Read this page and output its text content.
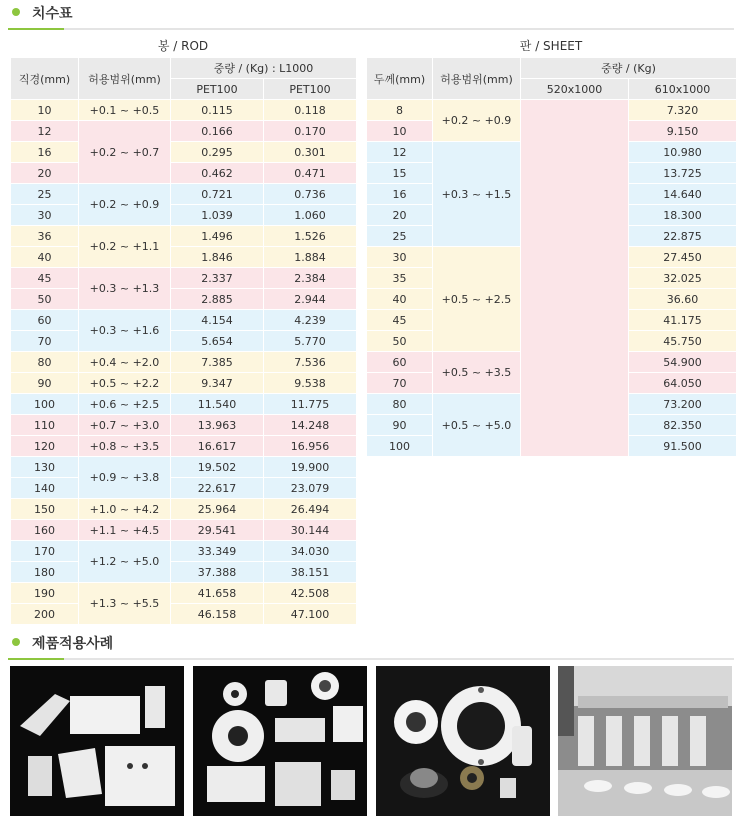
치수표
봉 / ROD	판 / SHEET
직경(mm)	허용범위(mm)	중량 / (Kg) : L1000	
		PET100	PET100
10	+0.1 ~ +0.5	0.115	0.118
12	+0.2 ~ +0.7	0.166	0.170
16		0.295	0.301
20		0.462	0.471
25	+0.2 ~ +0.9	0.721	0.736
30		1.039	1.060
36	+0.2 ~ +1.1	1.496	1.526
40		1.846	1.884
45	+0.3 ~ +1.3	2.337	2.384
50		2.885	2.944
60	+0.3 ~ +1.6	4.154	4.239
70		5.654	5.770
80	+0.4 ~ +2.0	7.385	7.536
90	+0.5 ~ +2.2	9.347	9.538
100	+0.6 ~ +2.5	11.540	11.775
110	+0.7 ~ +3.0	13.963	14.248
120	+0.8 ~ +3.5	16.617	16.956
130	+0.9 ~ +3.8	19.502	19.900
140		22.617	23.079
150	+1.0 ~ +4.2	25.964	26.494
160	+1.1 ~ +4.5	29.541	30.144
170	+1.2 ~ +5.0	33.349	34.030
180		37.388	38.151
190	+1.3 ~ +5.5	41.658	42.508
200		46.158	47.100
두께(mm)	허용범위(mm)	중량 / (Kg)	
		520x1000	610x1000
8	+0.2 ~ +0.9		7.320
10			9.150
12	+0.3 ~ +1.5		10.980
15			13.725
16			14.640
20			18.300
25			22.875
30	+0.5 ~ +2.5		27.450
35			32.025
40			36.60
45			41.175
50			45.750
60	+0.5 ~ +3.5		54.900
70			64.050
80	+0.5 ~ +5.0		73.200
90			82.350
100			91.500
제품적용사례
